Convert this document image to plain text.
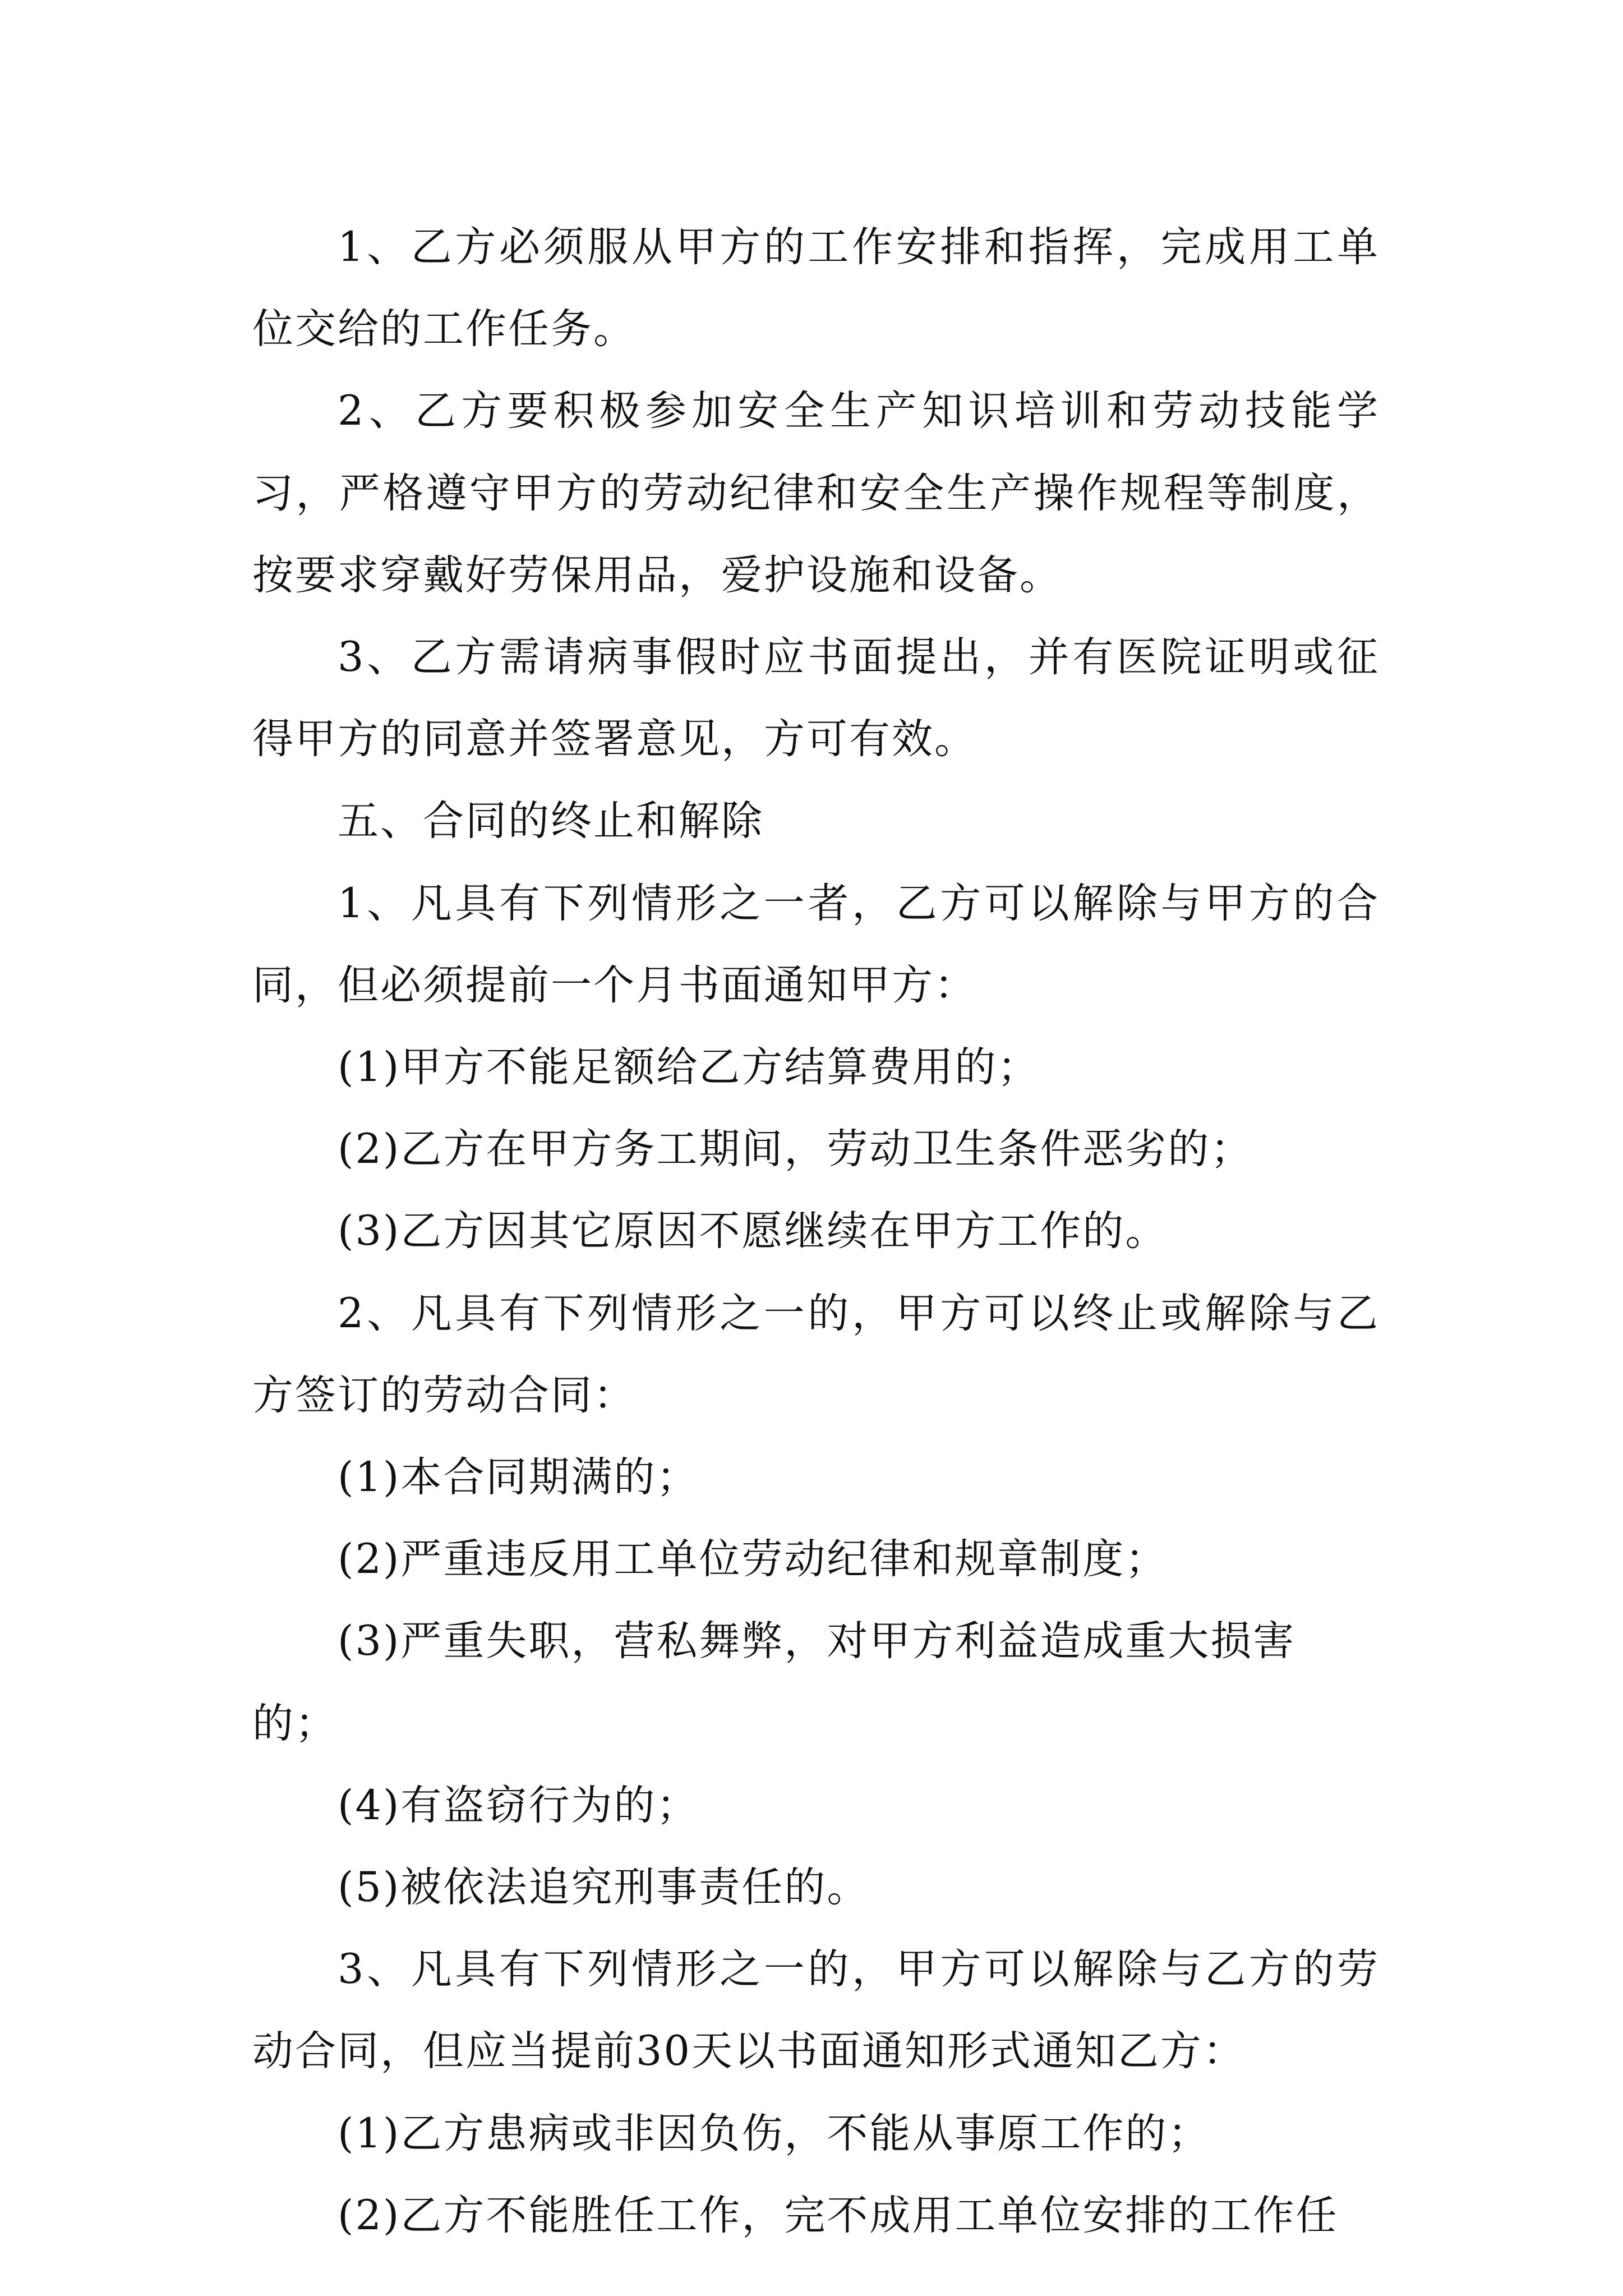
1、乙方必须服从甲方的工作安排和指挥，完成用工单位交给的工作任务。

2、乙方要积极参加安全生产知识培训和劳动技能学习，严格遵守甲方的劳动纪律和安全生产操作规程等制度，按要求穿戴好劳保用品，爱护设施和设备。

3、乙方需请病事假时应书面提出，并有医院证明或征得甲方的同意并签署意见，方可有效。

五、合同的终止和解除

1、凡具有下列情形之一者，乙方可以解除与甲方的合同，但必须提前一个月书面通知甲方：

(1)甲方不能足额给乙方结算费用的；

(2)乙方在甲方务工期间，劳动卫生条件恶劣的；

(3)乙方因其它原因不愿继续在甲方工作的。

2、凡具有下列情形之一的，甲方可以终止或解除与乙方签订的劳动合同：

(1)本合同期满的；

(2)严重违反用工单位劳动纪律和规章制度；

(3)严重失职，营私舞弊，对甲方利益造成重大损害的；

(4)有盗窃行为的；

(5)被依法追究刑事责任的。

3、凡具有下列情形之一的，甲方可以解除与乙方的劳动合同，但应当提前30天以书面通知形式通知乙方：

(1)乙方患病或非因负伤，不能从事原工作的；

(2)乙方不能胜任工作，完不成用工单位安排的工作任
